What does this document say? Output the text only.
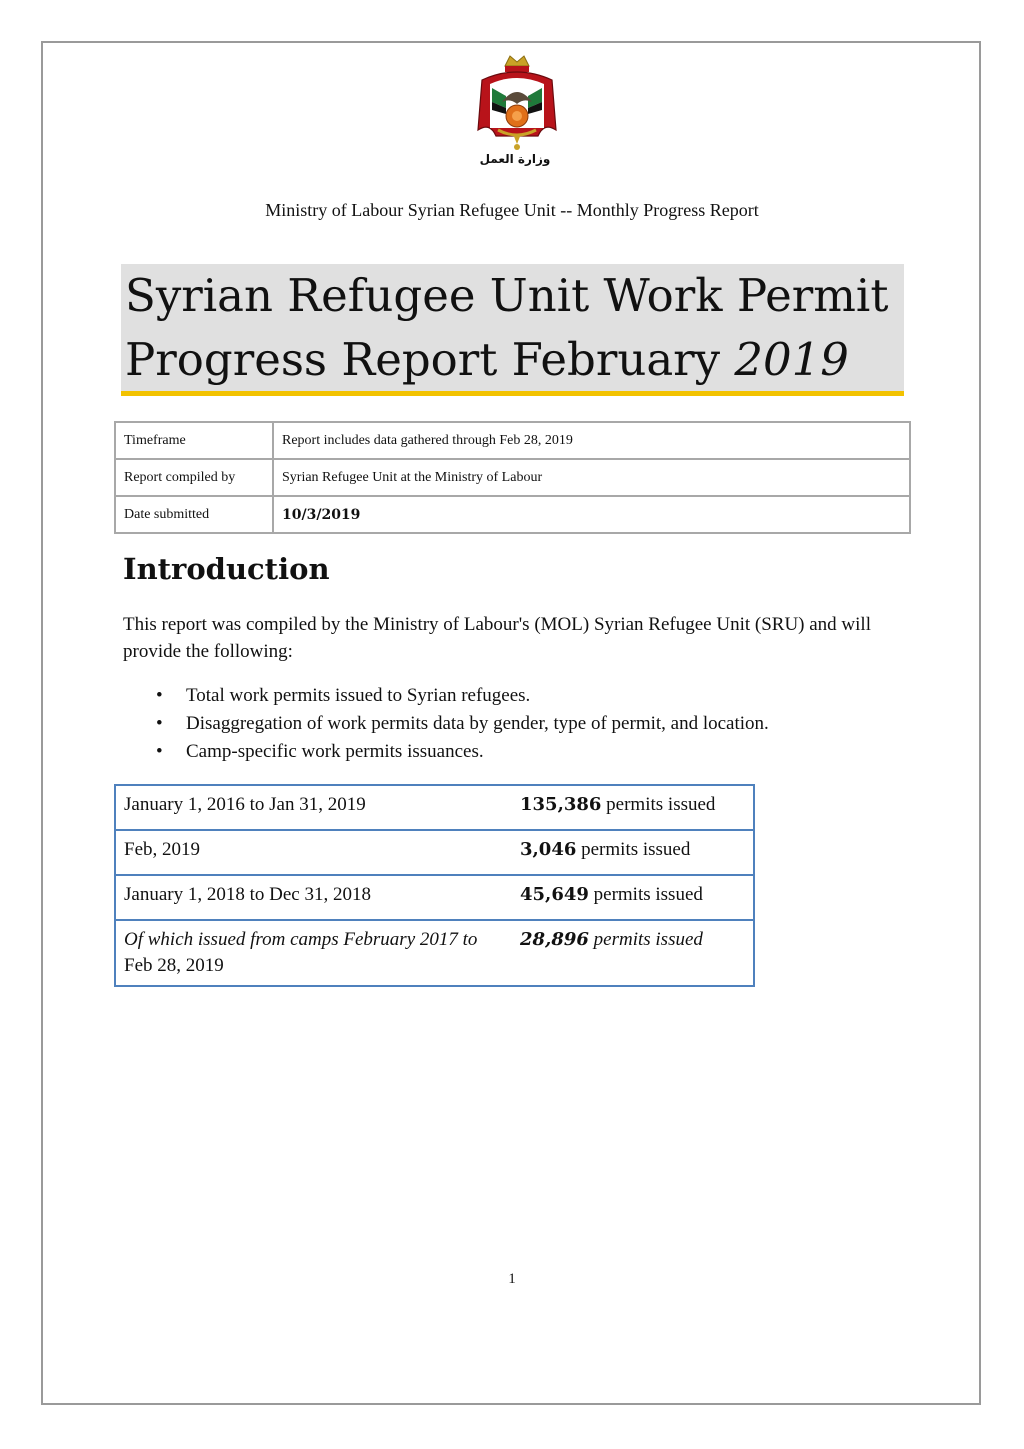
وزارة العمل
Ministry of Labour Syrian Refugee Unit -- Monthly Progress Report
Syrian Refugee Unit Work Permit
Progress Report February 2019
Timeframe	Report includes data gathered through Feb 28, 2019
Report compiled by	Syrian Refugee Unit at the Ministry of Labour
Date submitted	10/3/2019
Introduction
This report was compiled by the Ministry of Labour's (MOL) Syrian Refugee Unit (SRU) and will provide the following:
• Total work permits issued to Syrian refugees.
• Disaggregation of work permits data by gender, type of permit, and location.
• Camp-specific work permits issuances.
January 1, 2016 to Jan 31, 2019	135,386 permits issued
Feb, 2019	3,046 permits issued
January 1, 2018 to Dec 31, 2018	45,649 permits issued
Of which issued from camps February 2017 to Feb 28, 2019	28,896 permits issued
1
